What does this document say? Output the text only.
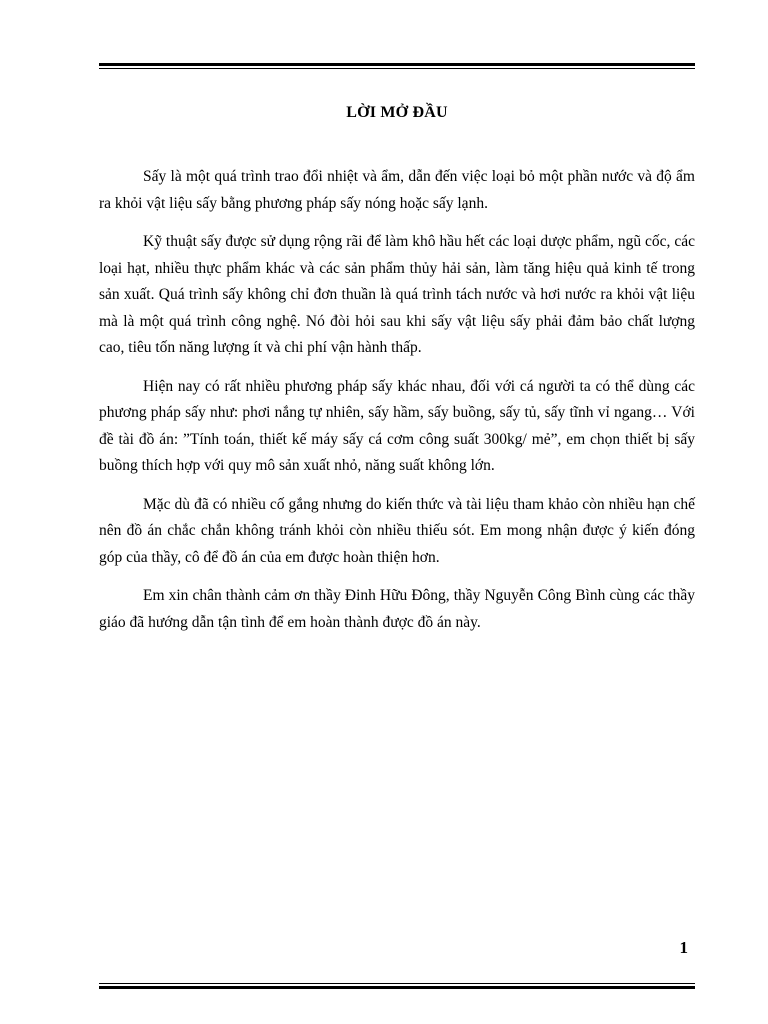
LỜI MỞ ĐẦU

Sấy là một quá trình trao đổi nhiệt và ẩm, dẫn đến việc loại bỏ một phần nước và độ ẩm ra khỏi vật liệu sấy bằng phương pháp sấy nóng hoặc sấy lạnh.

Kỹ thuật sấy được sử dụng rộng rãi để làm khô hầu hết các loại dược phẩm, ngũ cốc, các loại hạt, nhiều thực phẩm khác và các sản phẩm thủy hải sản, làm tăng hiệu quả kinh tế trong sản xuất. Quá trình sấy không chỉ đơn thuần là quá trình tách nước và hơi nước ra khỏi vật liệu mà là một quá trình công nghệ. Nó đòi hỏi sau khi sấy vật liệu sấy phải đảm bảo chất lượng cao, tiêu tốn năng lượng ít và chi phí vận hành thấp.

Hiện nay có rất nhiều phương pháp sấy khác nhau, đối với cá người ta có thể dùng các phương pháp sấy như: phơi nắng tự nhiên, sấy hầm, sấy buồng, sấy tủ, sấy tĩnh vỉ ngang… Với đề tài đồ án: ”Tính toán, thiết kế máy sấy cá cơm công suất 300kg/ mẻ”, em chọn thiết bị sấy buồng thích hợp với quy mô sản xuất nhỏ, năng suất không lớn.

Mặc dù đã có nhiều cố gắng nhưng do kiến thức và tài liệu tham khảo còn nhiều hạn chế nên đồ án chắc chắn không tránh khỏi còn nhiều thiếu sót. Em mong nhận được ý kiến đóng góp của thầy, cô để đồ án của em được hoàn thiện hơn.

Em xin chân thành cảm ơn thầy Đinh Hữu Đông, thầy Nguyễn Công Bình cùng các thầy giáo đã hướng dẫn tận tình để em hoàn thành được đồ án này.

1
